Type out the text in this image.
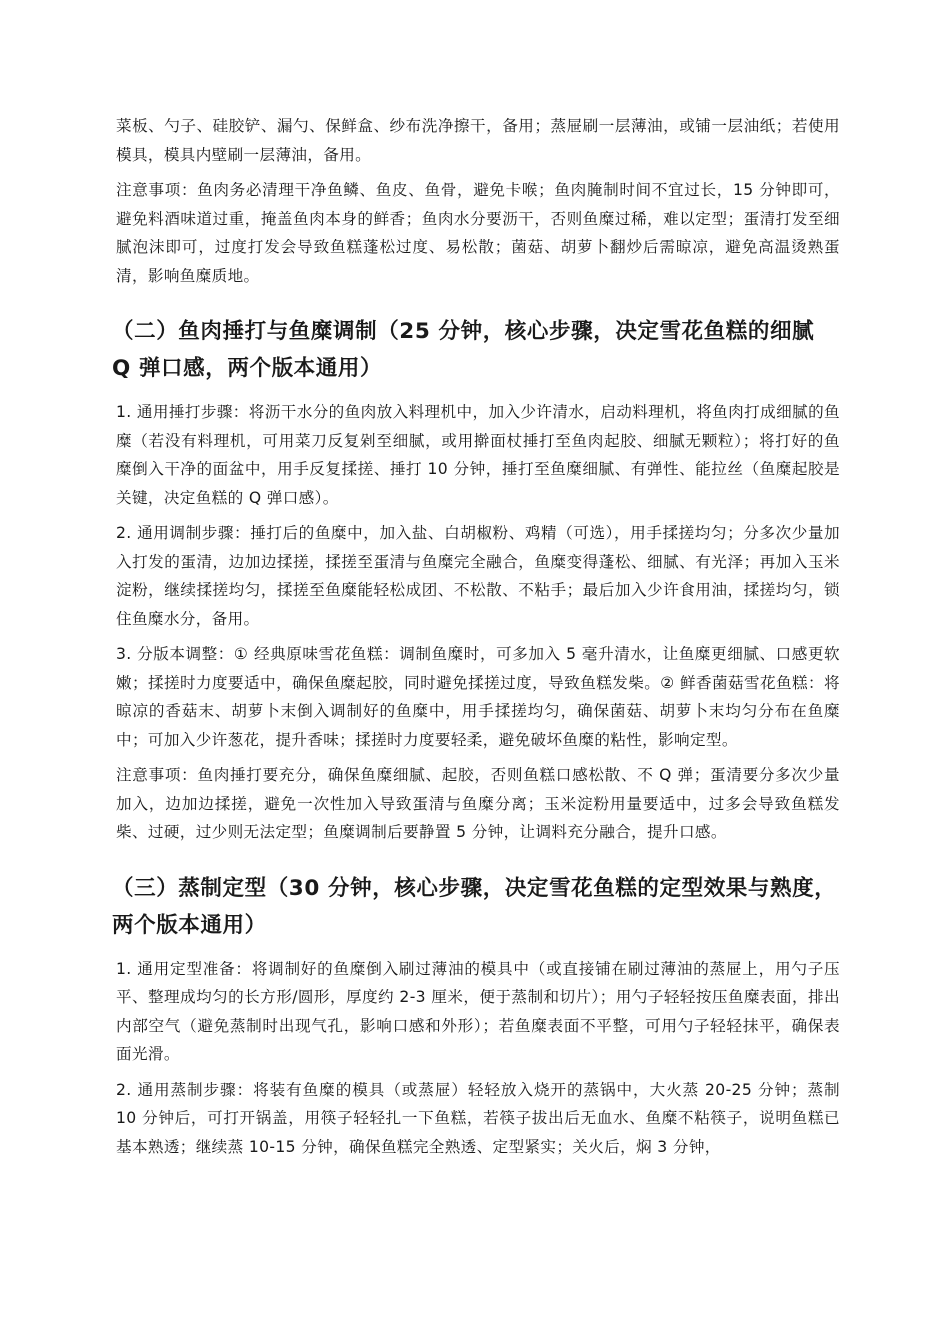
菜板、勺子、硅胶铲、漏勺、保鲜盒、纱布洗净擦干，备用；蒸屉刷一层薄油，或铺一层油纸；若使用模具，模具内壁刷一层薄油，备用。

注意事项：鱼肉务必清理干净鱼鳞、鱼皮、鱼骨，避免卡喉；鱼肉腌制时间不宜过长，15 分钟即可，避免料酒味道过重，掩盖鱼肉本身的鲜香；鱼肉水分要沥干，否则鱼糜过稀，难以定型；蛋清打发至细腻泡沫即可，过度打发会导致鱼糕蓬松过度、易松散；菌菇、胡萝卜翻炒后需晾凉，避免高温烫熟蛋清，影响鱼糜质地。

（二）鱼肉捶打与鱼糜调制（25 分钟，核心步骤，决定雪花鱼糕的细腻 Q 弹口感，两个版本通用）

1. 通用捶打步骤：将沥干水分的鱼肉放入料理机中，加入少许清水，启动料理机，将鱼肉打成细腻的鱼糜（若没有料理机，可用菜刀反复剁至细腻，或用擀面杖捶打至鱼肉起胶、细腻无颗粒）；将打好的鱼糜倒入干净的面盆中，用手反复揉搓、捶打 10 分钟，捶打至鱼糜细腻、有弹性、能拉丝（鱼糜起胶是关键，决定鱼糕的 Q 弹口感）。

2. 通用调制步骤：捶打后的鱼糜中，加入盐、白胡椒粉、鸡精（可选），用手揉搓均匀；分多次少量加入打发的蛋清，边加边揉搓，揉搓至蛋清与鱼糜完全融合，鱼糜变得蓬松、细腻、有光泽；再加入玉米淀粉，继续揉搓均匀，揉搓至鱼糜能轻松成团、不松散、不粘手；最后加入少许食用油，揉搓均匀，锁住鱼糜水分，备用。

3. 分版本调整：① 经典原味雪花鱼糕：调制鱼糜时，可多加入 5 毫升清水，让鱼糜更细腻、口感更软嫩；揉搓时力度要适中，确保鱼糜起胶，同时避免揉搓过度，导致鱼糕发柴。② 鲜香菌菇雪花鱼糕：将晾凉的香菇末、胡萝卜末倒入调制好的鱼糜中，用手揉搓均匀，确保菌菇、胡萝卜末均匀分布在鱼糜中；可加入少许葱花，提升香味；揉搓时力度要轻柔，避免破坏鱼糜的粘性，影响定型。

注意事项：鱼肉捶打要充分，确保鱼糜细腻、起胶，否则鱼糕口感松散、不 Q 弹；蛋清要分多次少量加入，边加边揉搓，避免一次性加入导致蛋清与鱼糜分离；玉米淀粉用量要适中，过多会导致鱼糕发柴、过硬，过少则无法定型；鱼糜调制后要静置 5 分钟，让调料充分融合，提升口感。

（三）蒸制定型（30 分钟，核心步骤，决定雪花鱼糕的定型效果与熟度，两个版本通用）

1. 通用定型准备：将调制好的鱼糜倒入刷过薄油的模具中（或直接铺在刷过薄油的蒸屉上，用勺子压平、整理成均匀的长方形/圆形，厚度约 2-3 厘米，便于蒸制和切片）；用勺子轻轻按压鱼糜表面，排出内部空气（避免蒸制时出现气孔，影响口感和外形）；若鱼糜表面不平整，可用勺子轻轻抹平，确保表面光滑。

2. 通用蒸制步骤：将装有鱼糜的模具（或蒸屉）轻轻放入烧开的蒸锅中，大火蒸 20-25 分钟；蒸制 10 分钟后，可打开锅盖，用筷子轻轻扎一下鱼糕，若筷子拔出后无血水、鱼糜不粘筷子，说明鱼糕已基本熟透；继续蒸 10-15 分钟，确保鱼糕完全熟透、定型紧实；关火后，焖 3 分钟，
